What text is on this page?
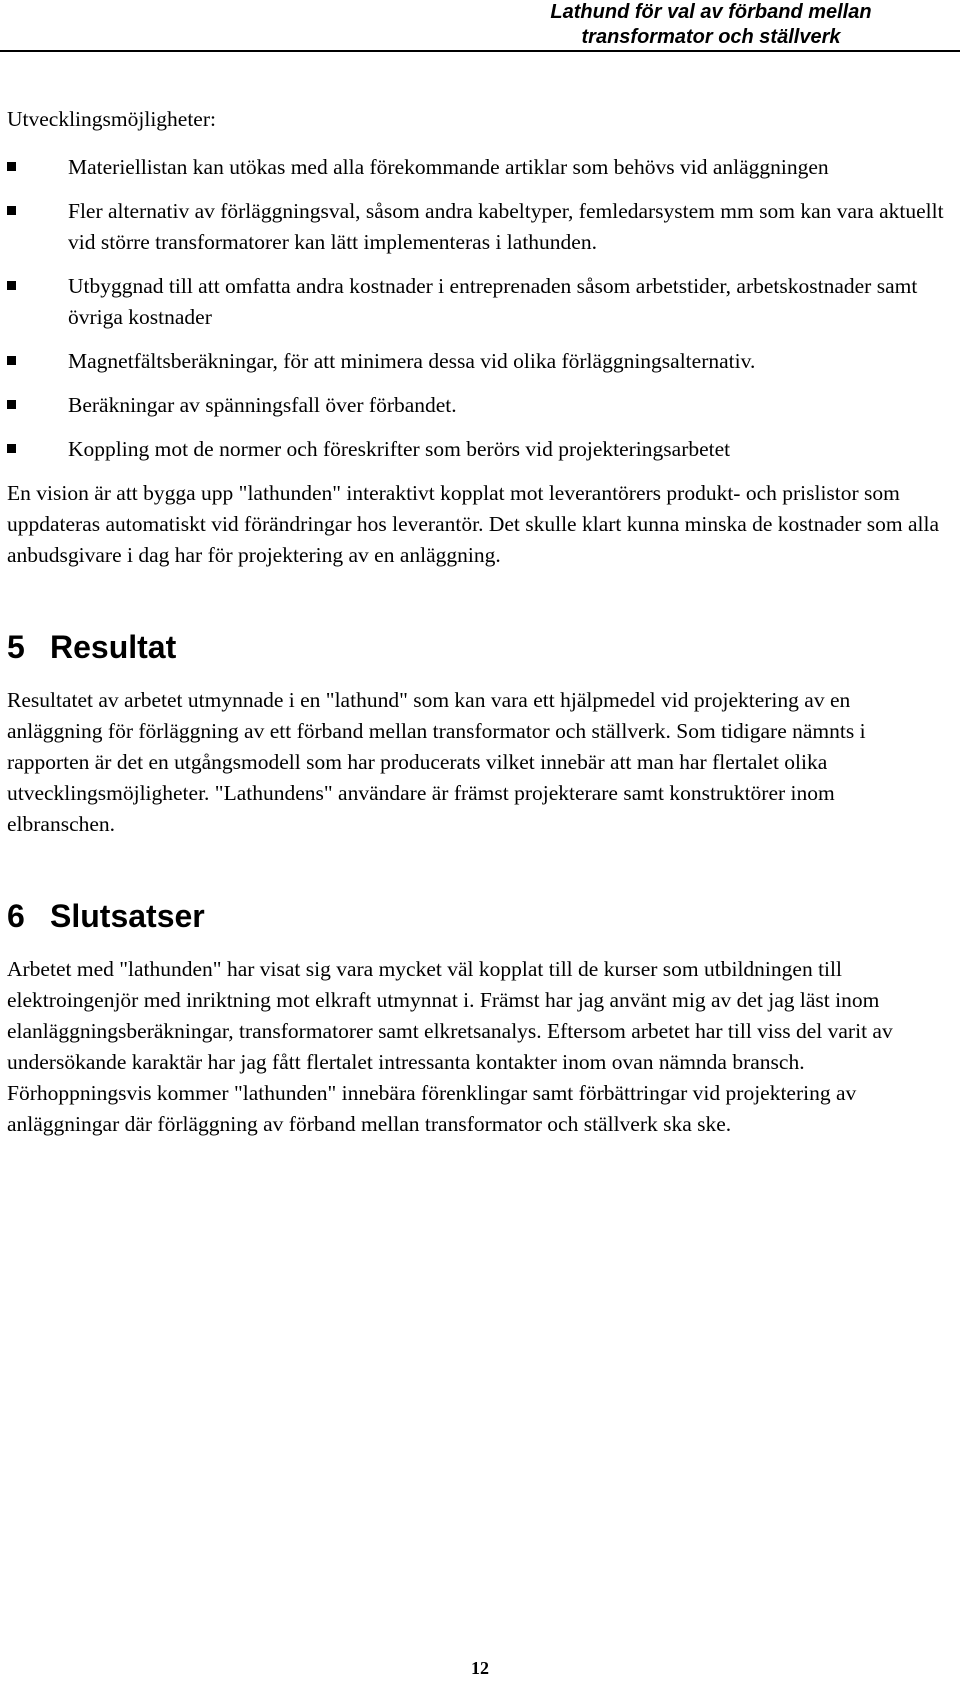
Lathund för val av förband mellan
transformator och ställverk

Utvecklingsmöjligheter:

Materiellistan kan utökas med alla förekommande artiklar som behövs vid anläggningen
Fler alternativ av förläggningsval, såsom andra kabeltyper, femledarsystem mm som kan vara aktuellt vid större transformatorer kan lätt implementeras i lathunden.
Utbyggnad till att omfatta andra kostnader i entreprenaden såsom arbetstider, arbetskostnader samt övriga kostnader
Magnetfältsberäkningar, för att minimera dessa vid olika förläggningsalternativ.
Beräkningar av spänningsfall över förbandet.
Koppling mot de normer och föreskrifter som berörs vid projekteringsarbetet

En vision är att bygga upp "lathunden" interaktivt kopplat mot leverantörers produkt- och prislistor som uppdateras automatiskt vid förändringar hos leverantör. Det skulle klart kunna minska de kostnader som alla anbudsgivare i dag har för projektering av en anläggning.

5 Resultat

Resultatet av arbetet utmynnade i en "lathund" som kan vara ett hjälpmedel vid projektering av en anläggning för förläggning av ett förband mellan transformator och ställverk. Som tidigare nämnts i rapporten är det en utgångsmodell som har producerats vilket innebär att man har flertalet olika utvecklingsmöjligheter. "Lathundens" användare är främst projekterare samt konstruktörer inom elbranschen.

6 Slutsatser

Arbetet med "lathunden" har visat sig vara mycket väl kopplat till de kurser som utbildningen till elektroingenjör med inriktning mot elkraft utmynnat i. Främst har jag använt mig av det jag läst inom elanläggningsberäkningar, transformatorer samt elkretsanalys. Eftersom arbetet har till viss del varit av undersökande karaktär har jag fått flertalet intressanta kontakter inom ovan nämnda bransch. Förhoppningsvis kommer "lathunden" innebära förenklingar samt förbättringar vid projektering av anläggningar där förläggning av förband mellan transformator och ställverk ska ske.

12
